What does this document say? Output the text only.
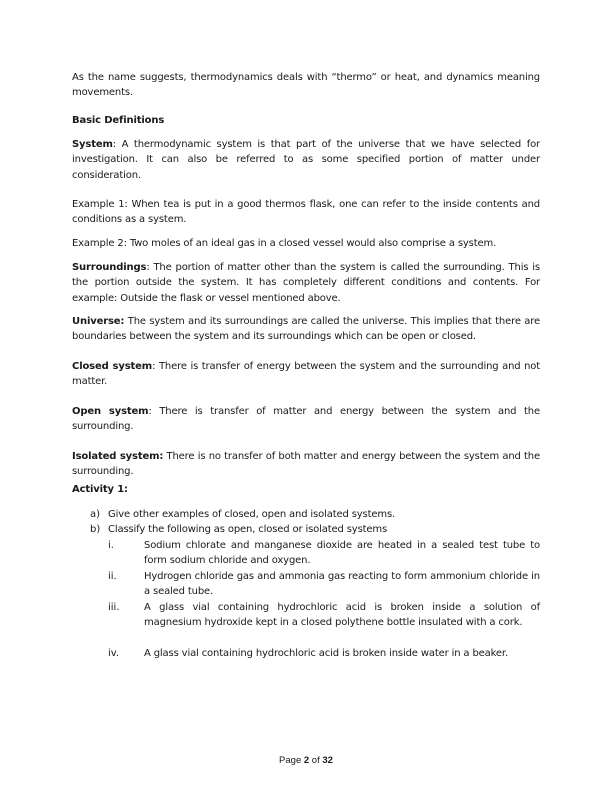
As the name suggests, thermodynamics deals with “thermo” or heat, and dynamics meaning movements.
Basic Definitions
System: A thermodynamic system is that part of the universe that we have selected for investigation. It can also be referred to as some specified portion of matter under consideration.
Example 1: When tea is put in a good thermos flask, one can refer to the inside contents and conditions as a system.
Example 2: Two moles of an ideal gas in a closed vessel would also comprise a system.
Surroundings: The portion of matter other than the system is called the surrounding. This is the portion outside the system. It has completely different conditions and contents. For example: Outside the flask or vessel mentioned above.
Universe: The system and its surroundings are called the universe. This implies that there are boundaries between the system and its surroundings which can be open or closed.
Closed system: There is transfer of energy between the system and the surrounding and not matter.
Open system: There is transfer of matter and energy between the system and the surrounding.
Isolated system: There is no transfer of both matter and energy between the system and the surrounding.
Activity 1:
a) Give other examples of closed, open and isolated systems.
b) Classify the following as open, closed or isolated systems
i.	Sodium chlorate and manganese dioxide are heated in a sealed test tube to form sodium chloride and oxygen.
ii.	Hydrogen chloride gas and ammonia gas reacting to form ammonium chloride in a sealed tube.
iii. A glass vial containing hydrochloric acid is broken inside a solution of magnesium hydroxide kept in a closed polythene bottle insulated with a cork.
iv. A glass vial containing hydrochloric acid is broken inside water in a beaker.
Page 2 of 32
